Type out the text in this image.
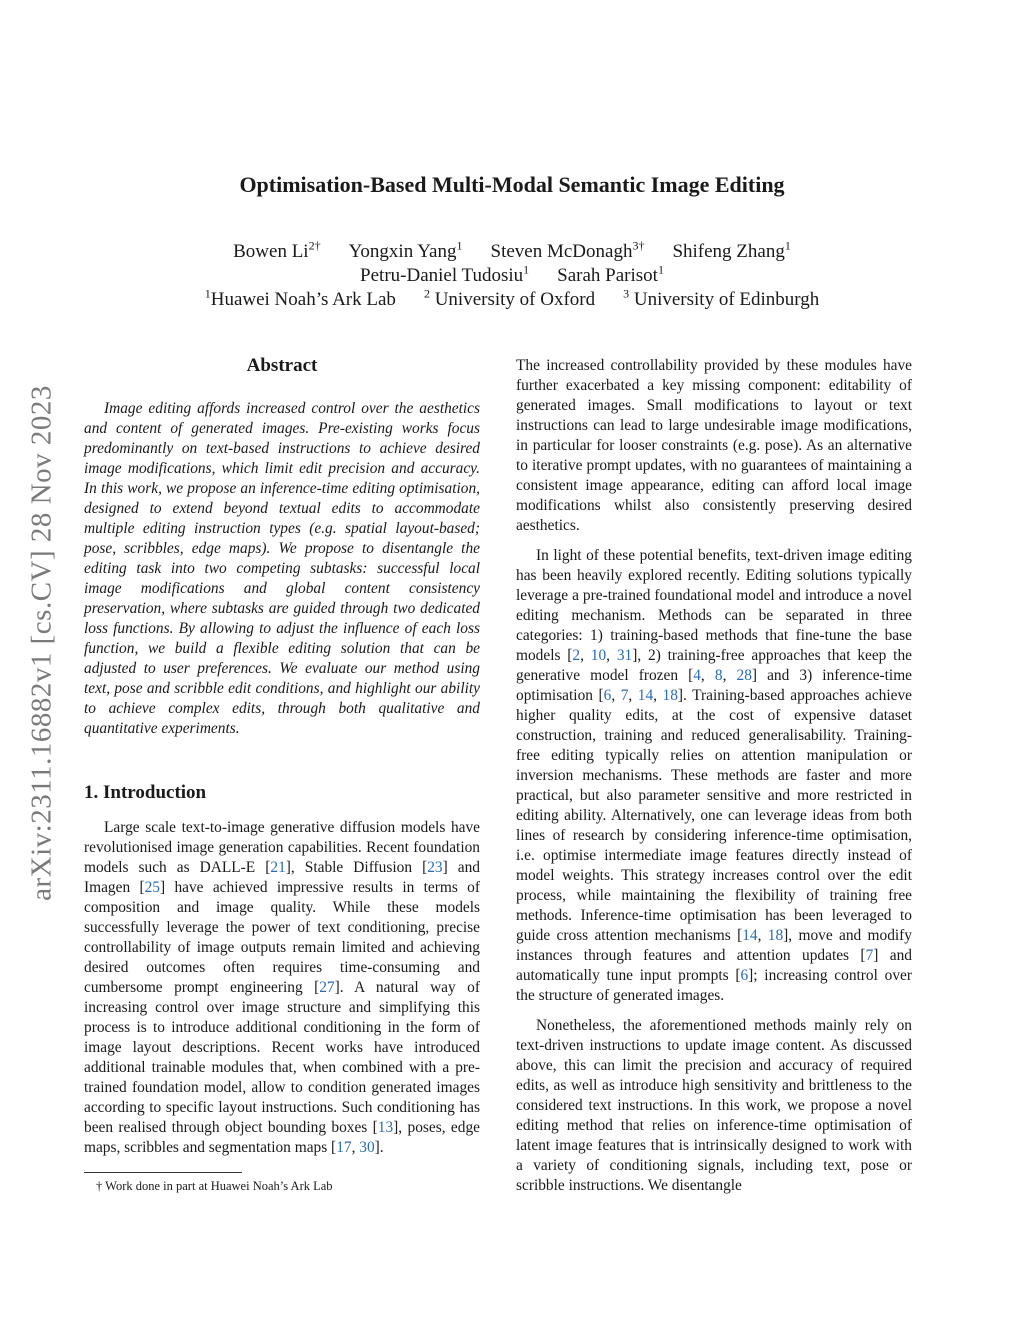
Optimisation-Based Multi-Modal Semantic Image Editing
Bowen $Li^{2\dagger}$ Yongxin Yang$^1$ Steven McDonagh$^{3\dagger}$ Shifeng Zhang$^1$
Petru-Daniel Tudosiu$^1$ Sarah Parisot$^1$
$^1$Huawei Noah’s Ark Lab $^2$ University of Oxford $^3$ University of Edinburgh
arXiv:2311.16882v1 [cs.CV] 28 Nov 2023
Abstract

Image editing affords increased control over the aesthetics and content of generated images. Pre-existing works focus predominantly on text-based instructions to achieve desired image modifications, which limit edit precision and accuracy. In this work, we propose an inference-time editing optimisation, designed to extend beyond textual edits to accommodate multiple editing instruction types (e.g. spatial layout-based; pose, scribbles, edge maps). We propose to disentangle the editing task into two competing subtasks: successful local image modifications and global content consistency preservation, where subtasks are guided through two dedicated loss functions. By allowing to adjust the influence of each loss function, we build a flexible editing solution that can be adjusted to user preferences. We evaluate our method using text, pose and scribble edit conditions, and highlight our ability to achieve complex edits, through both qualitative and quantitative experiments.

1. Introduction

Large scale text-to-image generative diffusion models have revolutionised image generation capabilities. Recent foundation models such as DALL-E [21], Stable Diffusion [23] and Imagen [25] have achieved impressive results in terms of composition and image quality. While these models successfully leverage the power of text conditioning, precise controllability of image outputs remain limited and achieving desired outcomes often requires time-consuming and cumbersome prompt engineering [27]. A natural way of increasing control over image structure and simplifying this process is to introduce additional conditioning in the form of image layout descriptions. Recent works have introduced additional trainable modules that, when combined with a pre-trained foundation model, allow to condition generated images according to specific layout instructions. Such conditioning has been realised through object bounding boxes [13], poses, edge maps, scribbles and segmentation maps [17, 30].

The increased controllability provided by these modules have further exacerbated a key missing component: editability of generated images. Small modifications to layout or text instructions can lead to large undesirable image modifications, in particular for looser constraints (e.g. pose). As an alternative to iterative prompt updates, with no guarantees of maintaining a consistent image appearance, editing can afford local image modifications whilst also consistently preserving desired aesthetics.

In light of these potential benefits, text-driven image editing has been heavily explored recently. Editing solutions typically leverage a pre-trained foundational model and introduce a novel editing mechanism. Methods can be separated in three categories: 1) training-based methods that fine-tune the base models [2, 10, 31], 2) training-free approaches that keep the generative model frozen [4, 8, 28] and 3) inference-time optimisation [6, 7, 14, 18]. Training-based approaches achieve higher quality edits, at the cost of expensive dataset construction, training and reduced generalisability. Training-free editing typically relies on attention manipulation or inversion mechanisms. These methods are faster and more practical, but also parameter sensitive and more restricted in editing ability. Alternatively, one can leverage ideas from both lines of research by considering inference-time optimisation, i.e. optimise intermediate image features directly instead of model weights. This strategy increases control over the edit process, while maintaining the flexibility of training free methods. Inference-time optimisation has been leveraged to guide cross attention mechanisms [14, 18], move and modify instances through features and attention updates [7] and automatically tune input prompts [6]; increasing control over the structure of generated images.

Nonetheless, the aforementioned methods mainly rely on text-driven instructions to update image content. As discussed above, this can limit the precision and accuracy of required edits, as well as introduce high sensitivity and brittleness to the considered text instructions. In this work, we propose a novel editing method that relies on inference-time optimisation of latent image features that is intrinsically designed to work with a variety of conditioning signals, including text, pose or scribble instructions. We disentangle

† Work done in part at Huawei Noah’s Ark Lab
